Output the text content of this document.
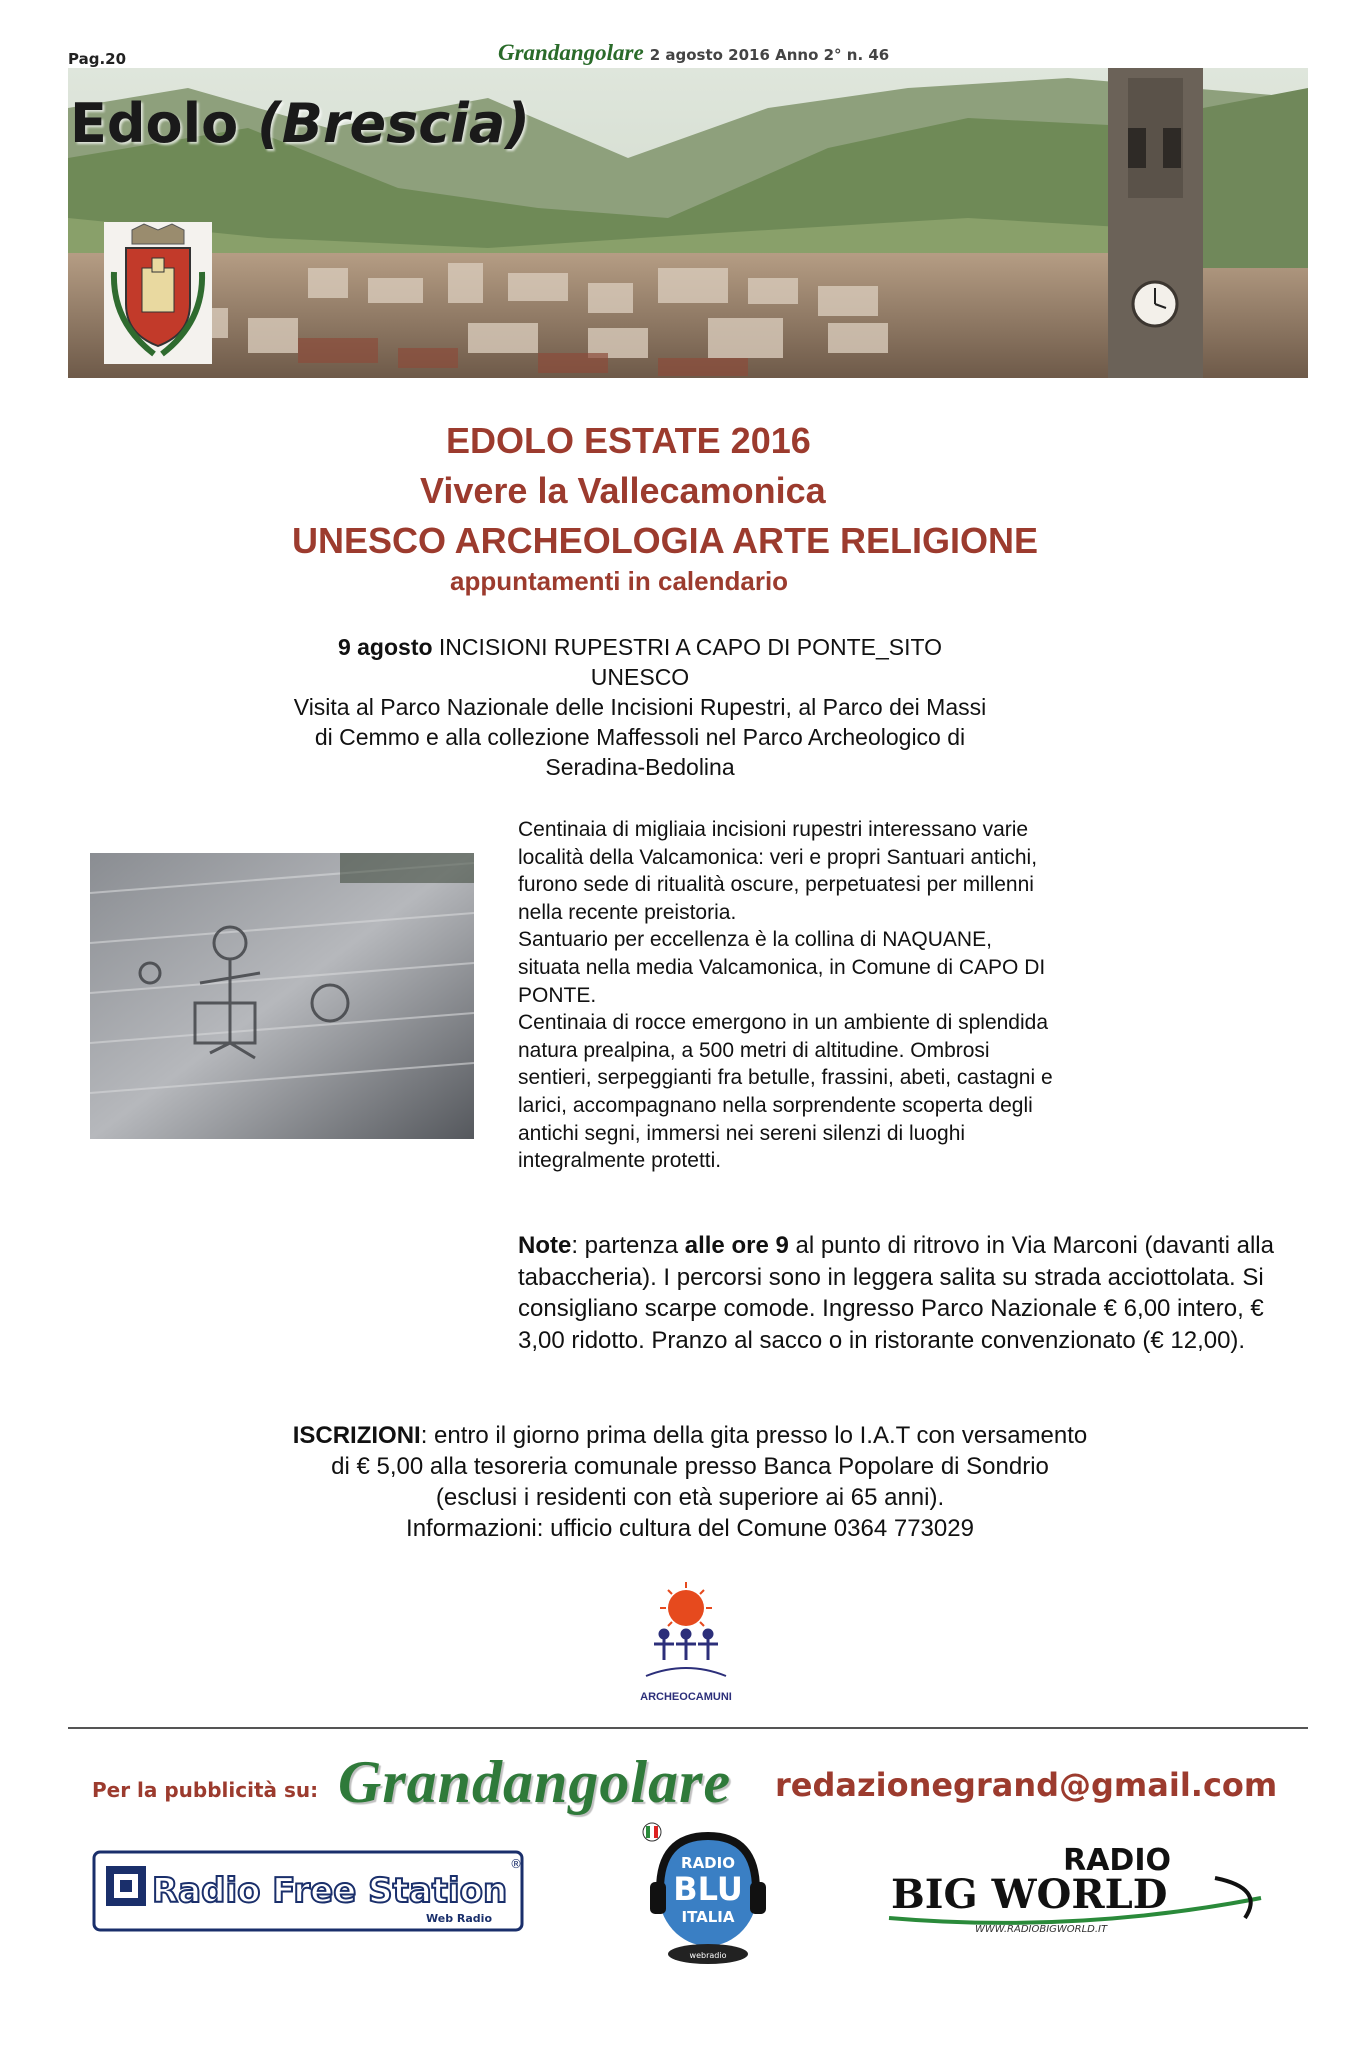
Pag.20	Grandangolare 2 agosto 2016 Anno 2° n. 46
Edolo (Brescia)
EDOLO ESTATE 2016
Vivere la Vallecamonica
UNESCO ARCHEOLOGIA ARTE RELIGIONE
appuntamenti in calendario
9 agosto INCISIONI RUPESTRI A CAPO DI PONTE_SITO
UNESCO
Visita al Parco Nazionale delle Incisioni Rupestri, al Parco dei Massi
di Cemmo e alla collezione Maffessoli nel Parco Archeologico di
Seradina-Bedolina

Centinaia di migliaia incisioni rupestri interessano varie

località della Valcamonica: veri e propri Santuari antichi,

furono sede di ritualità oscure, perpetuatesi per millenni

nella recente preistoria.

Santuario per eccellenza è la collina di NAQUANE,

situata nella media Valcamonica, in Comune di CAPO DI

PONTE.

Centinaia di rocce emergono in un ambiente di splendida

natura prealpina, a 500 metri di altitudine. Ombrosi

sentieri, serpeggianti fra betulle, frassini, abeti, castagni e

larici, accompagnano nella sorprendente scoperta degli

antichi segni, immersi nei sereni silenzi di luoghi

integralmente protetti.

Note: partenza alle ore 9 al punto di ritrovo in Via Marconi (davanti alla tabaccheria). I percorsi sono in leggera salita su strada acciottolata. Si consigliano scarpe comode. Ingresso Parco Nazionale € 6,00 intero, € 3,00 ridotto. Pranzo al sacco o in ristorante convenzionato (€ 12,00).
ISCRIZIONI: entro il giorno prima della gita presso lo I.A.T con versamento
di € 5,00 alla tesoreria comunale presso Banca Popolare di Sondrio
(esclusi i residenti con età superiore ai 65 anni).
Informazioni: ufficio cultura del Comune 0364 773029
ARCHEOCAMUNI
Per la pubblicità su: Grandangolare redazionegrand@gmail.com
Radio Free Station
Web Radio
®	RADIO
BLU
ITALIA
webradio
RADIO
BIG WORLD
WWW.RADIOBIGWORLD.IT
